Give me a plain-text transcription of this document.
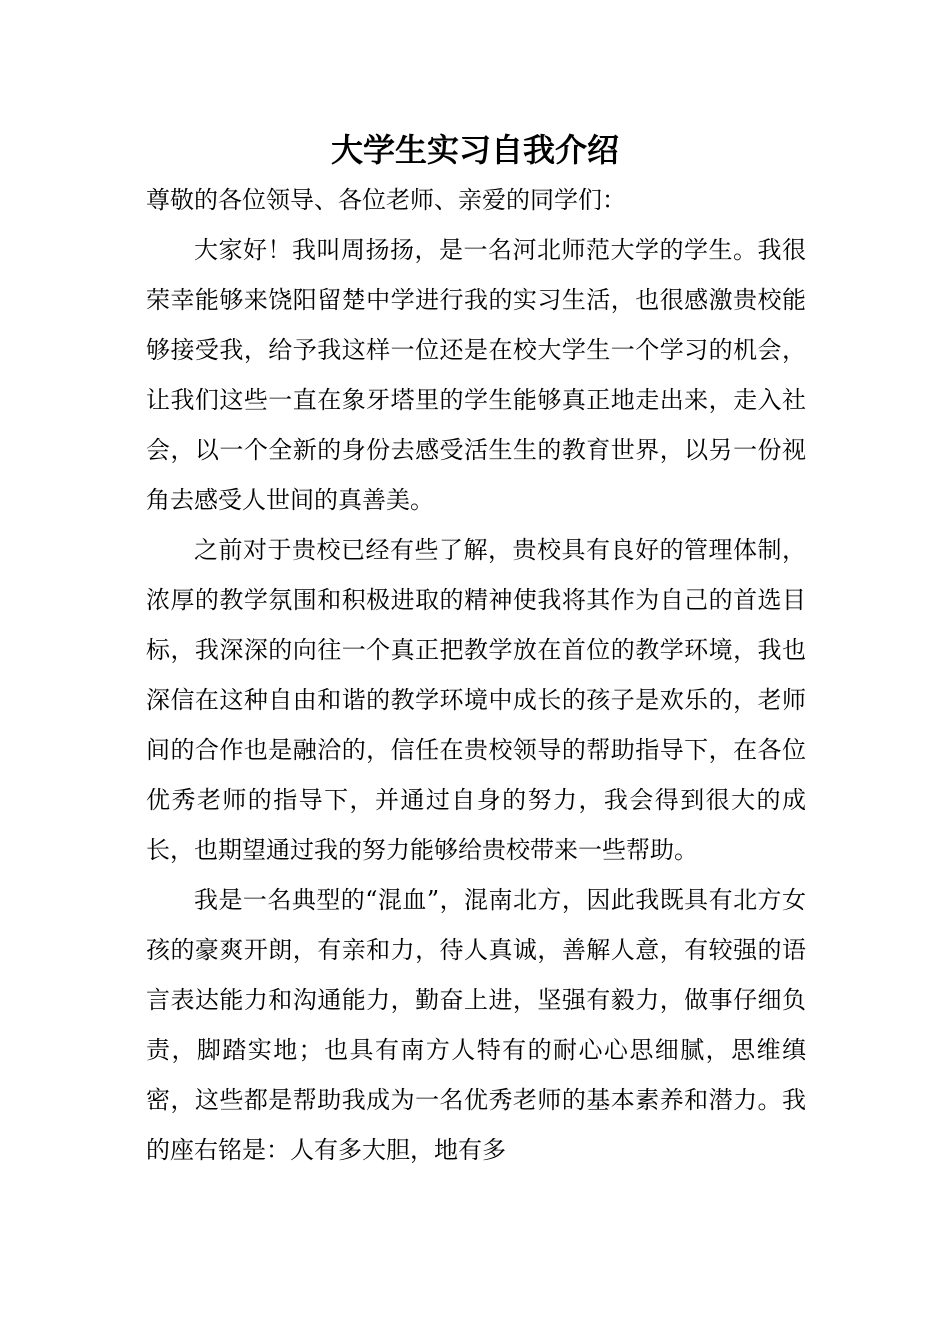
大学生实习自我介绍

尊敬的各位领导、各位老师、亲爱的同学们：

大家好！我叫周扬扬，是一名河北师范大学的学生。我很荣幸能够来饶阳留楚中学进行我的实习生活，也很感激贵校能够接受我，给予我这样一位还是在校大学生一个学习的机会，让我们这些一直在象牙塔里的学生能够真正地走出来，走入社会，以一个全新的身份去感受活生生的教育世界，以另一份视角去感受人世间的真善美。

之前对于贵校已经有些了解，贵校具有良好的管理体制，浓厚的教学氛围和积极进取的精神使我将其作为自己的首选目标，我深深的向往一个真正把教学放在首位的教学环境，我也深信在这种自由和谐的教学环境中成长的孩子是欢乐的，老师间的合作也是融洽的，信任在贵校领导的帮助指导下，在各位优秀老师的指导下，并通过自身的努力，我会得到很大的成长，也期望通过我的努力能够给贵校带来一些帮助。

我是一名典型的“混血”，混南北方，因此我既具有北方女孩的豪爽开朗，有亲和力，待人真诚，善解人意，有较强的语言表达能力和沟通能力，勤奋上进，坚强有毅力，做事仔细负责，脚踏实地；也具有南方人特有的耐心心思细腻，思维缜密，这些都是帮助我成为一名优秀老师的基本素养和潜力。我的座右铭是：人有多大胆，地有多
